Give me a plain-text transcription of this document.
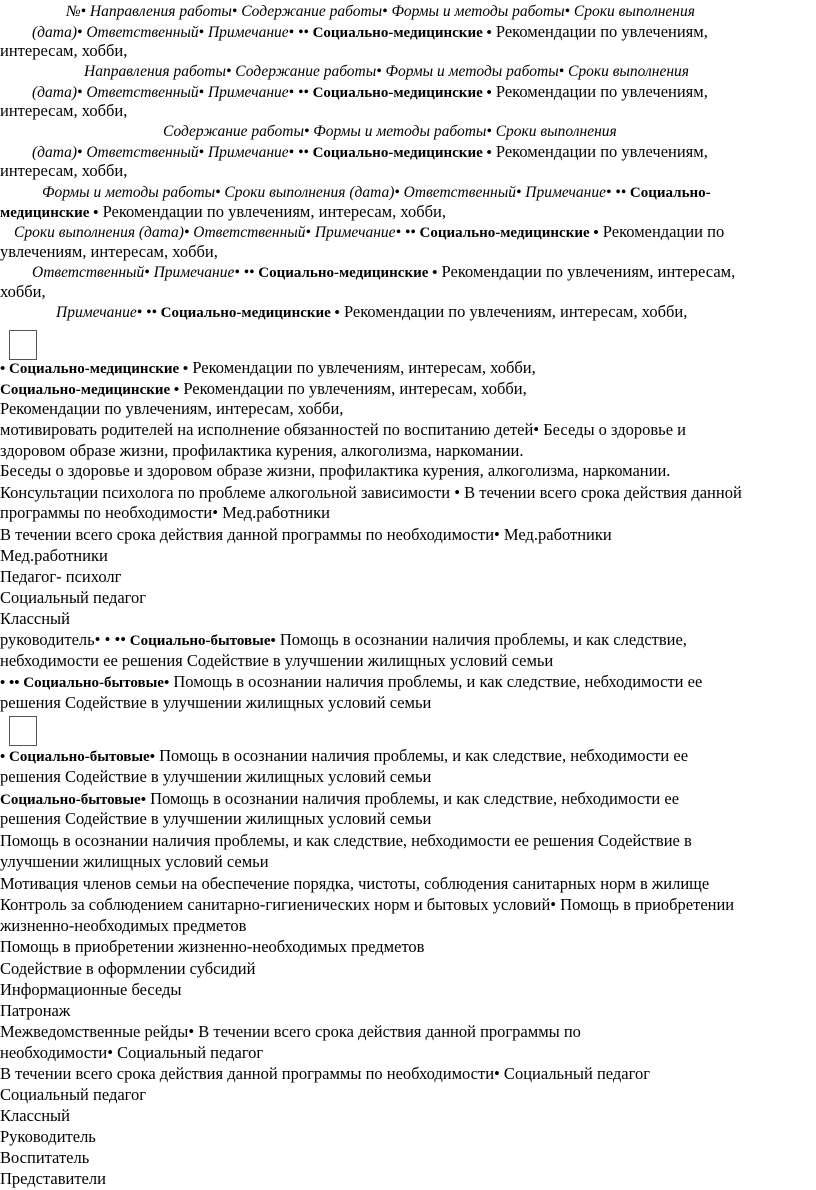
№• Направления работы• Содержание работы• Формы и методы работы• Сроки выполнения
(дата)• Ответственный• Примечание• •• Социально-медицинские • Рекомендации по увлечениям,
интересам, хобби,
Направления работы• Содержание работы• Формы и методы работы• Сроки выполнения
(дата)• Ответственный• Примечание• •• Социально-медицинские • Рекомендации по увлечениям,
интересам, хобби,
Содержание работы• Формы и методы работы• Сроки выполнения
(дата)• Ответственный• Примечание• •• Социально-медицинские • Рекомендации по увлечениям,
интересам, хобби,
Формы и методы работы• Сроки выполнения (дата)• Ответственный• Примечание• •• Социально-
медицинские • Рекомендации по увлечениям, интересам, хобби,
Сроки выполнения (дата)• Ответственный• Примечание• •• Социально-медицинские • Рекомендации по
увлечениям, интересам, хобби,
Ответственный• Примечание• •• Социально-медицинские • Рекомендации по увлечениям, интересам,
хобби,
Примечание• •• Социально-медицинские • Рекомендации по увлечениям, интересам, хобби,
• Социально-медицинские • Рекомендации по увлечениям, интересам, хобби,
Социально-медицинские • Рекомендации по увлечениям, интересам, хобби,
Рекомендации по увлечениям, интересам, хобби,
мотивировать родителей на исполнение обязанностей по воспитанию детей• Беседы о здоровье и
здоровом образе жизни, профилактика курения, алкоголизма, наркомании.
Беседы о здоровье и здоровом образе жизни, профилактика курения, алкоголизма, наркомании.
Консультации психолога по проблеме алкогольной зависимости • В течении всего срока действия данной
программы по необходимости• Мед.работники
В течении всего срока действия данной программы по необходимости• Мед.работники
Мед.работники
Педагог- психолг
Социальный педагог
Классный
руководитель• • •• Социально-бытовые• Помощь в осознании наличия проблемы, и как следствие,
небходимости ее решения Содействие в улучшении жилищных условий семьи
• •• Социально-бытовые• Помощь в осознании наличия проблемы, и как следствие, небходимости ее
решения Содействие в улучшении жилищных условий семьи
• Социально-бытовые• Помощь в осознании наличия проблемы, и как следствие, небходимости ее
решения Содействие в улучшении жилищных условий семьи
Социально-бытовые• Помощь в осознании наличия проблемы, и как следствие, небходимости ее
решения Содействие в улучшении жилищных условий семьи
Помощь в осознании наличия проблемы, и как следствие, небходимости ее решения Содействие в
улучшении жилищных условий семьи
Мотивация членов семьи на обеспечение порядка, чистоты, соблюдения санитарных норм в жилище
Контроль за соблюдением санитарно-гигиенических норм и бытовых условий• Помощь в приобретении
жизненно-необходимых предметов
Помощь в приобретении жизненно-необходимых предметов
Содействие в оформлении субсидий
Информационные беседы
Патронаж
Межведомственные рейды• В течении всего срока действия данной программы по
необходимости• Социальный педагог
В течении всего срока действия данной программы по необходимости• Социальный педагог
Социальный педагог
Классный
Руководитель
Воспитатель
Представители
